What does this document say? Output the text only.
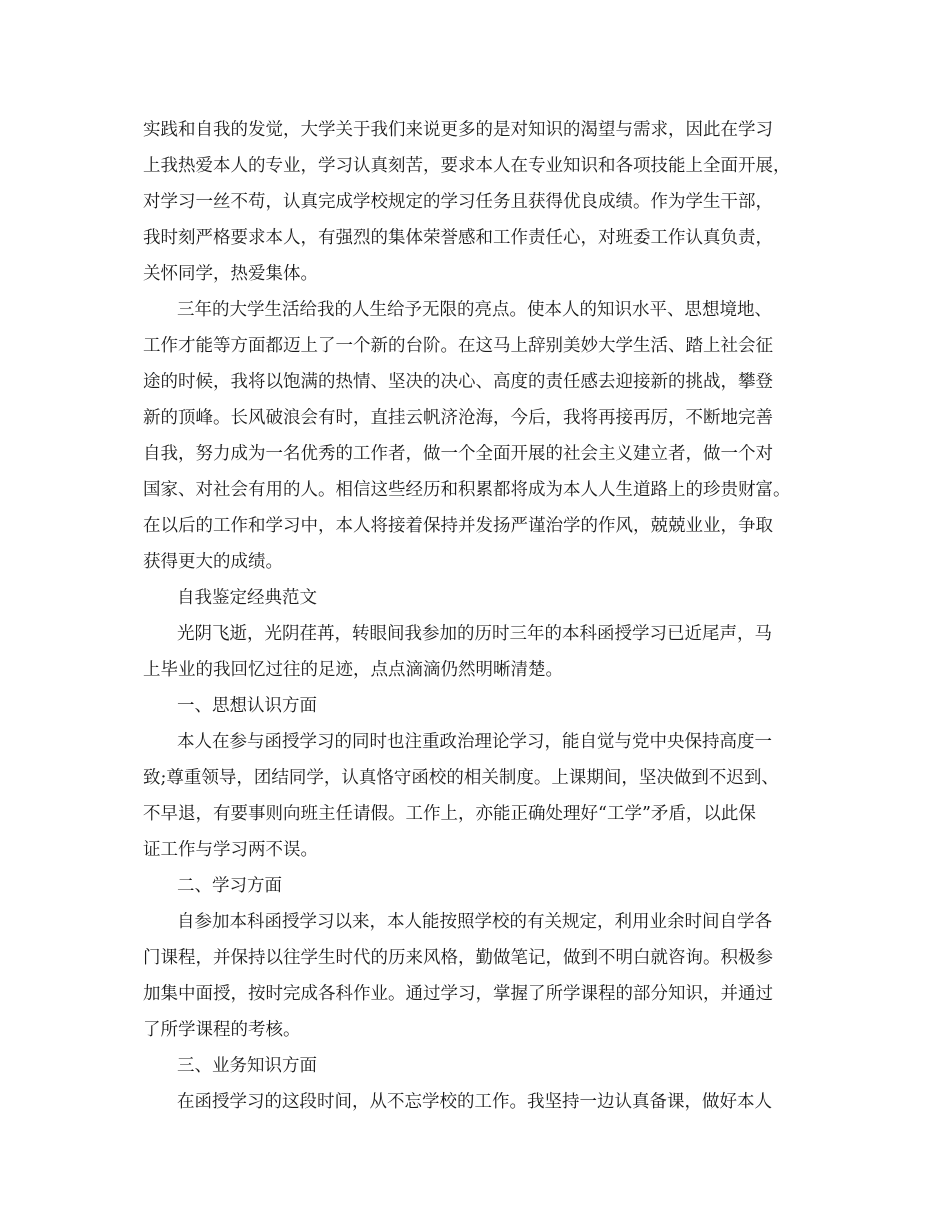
实践和自我的发觉，大学关于我们来说更多的是对知识的渴望与需求，因此在学习
上我热爱本人的专业，学习认真刻苦，要求本人在专业知识和各项技能上全面开展，
对学习一丝不苟，认真完成学校规定的学习任务且获得优良成绩。作为学生干部，
我时刻严格要求本人，有强烈的集体荣誉感和工作责任心，对班委工作认真负责，
关怀同学，热爱集体。
三年的大学生活给我的人生给予无限的亮点。使本人的知识水平、思想境地、
工作才能等方面都迈上了一个新的台阶。在这马上辞别美妙大学生活、踏上社会征
途的时候，我将以饱满的热情、坚决的决心、高度的责任感去迎接新的挑战，攀登
新的顶峰。长风破浪会有时，直挂云帆济沧海，今后，我将再接再厉，不断地完善
自我，努力成为一名优秀的工作者，做一个全面开展的社会主义建立者，做一个对
国家、对社会有用的人。相信这些经历和积累都将成为本人人生道路上的珍贵财富。
在以后的工作和学习中，本人将接着保持并发扬严谨治学的作风，兢兢业业，争取
获得更大的成绩。
自我鉴定经典范文
光阴飞逝，光阴荏苒，转眼间我参加的历时三年的本科函授学习已近尾声，马
上毕业的我回忆过往的足迹，点点滴滴仍然明晰清楚。
一、思想认识方面
本人在参与函授学习的同时也注重政治理论学习，能自觉与党中央保持高度一
致;尊重领导，团结同学，认真恪守函校的相关制度。上课期间，坚决做到不迟到、
不早退，有要事则向班主任请假。工作上，亦能正确处理好“工学”矛盾，以此保
证工作与学习两不误。
二、学习方面
自参加本科函授学习以来，本人能按照学校的有关规定，利用业余时间自学各
门课程，并保持以往学生时代的历来风格，勤做笔记，做到不明白就咨询。积极参
加集中面授，按时完成各科作业。通过学习，掌握了所学课程的部分知识，并通过
了所学课程的考核。
三、业务知识方面
在函授学习的这段时间，从不忘学校的工作。我坚持一边认真备课，做好本人
